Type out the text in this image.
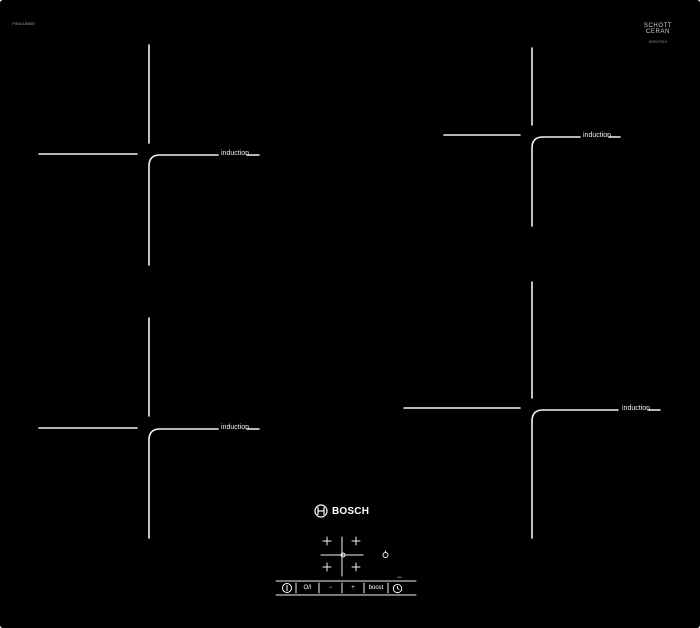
PIE611BB5E	SCHOTT
CERAN
BRENTSHI
induction
induction
induction
induction
BOSCH
ooo
O/I	−	+ boost
